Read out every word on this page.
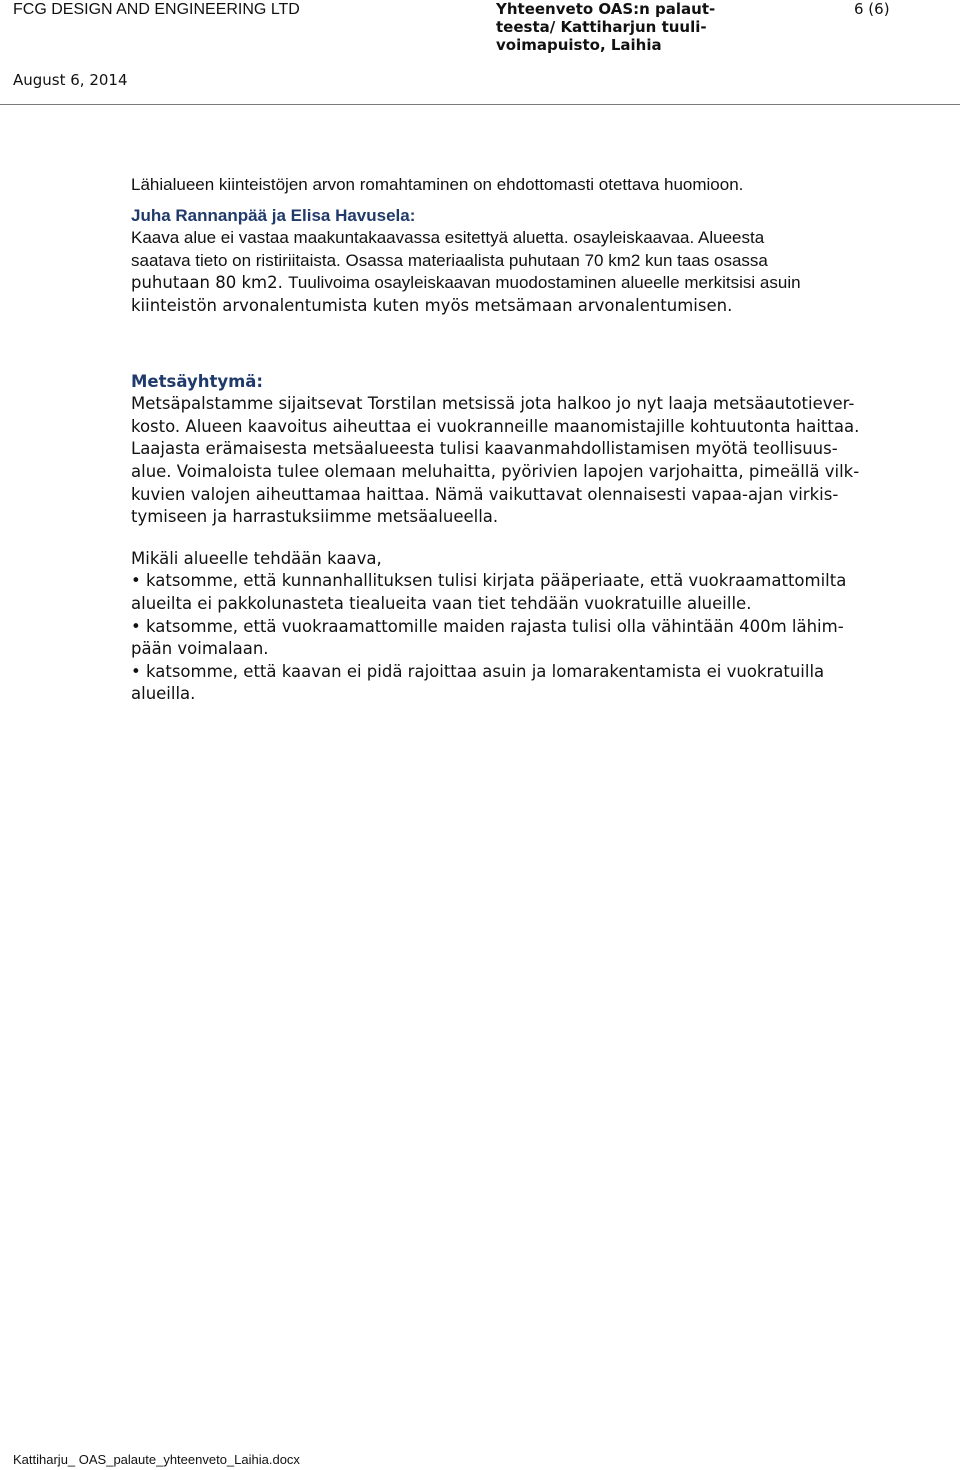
FCG DESIGN AND ENGINEERING LTD	Yhteenveto OAS:n palaut-
teesta/ Kattiharjun tuuli-
voimapuisto, Laihia
6 (6)
August 6, 2014
Lähialueen kiinteistöjen arvon romahtaminen on ehdottomasti otettava huomioon.
Juha Rannanpää ja Elisa Havusela:
Kaava alue ei vastaa maakuntakaavassa esitettyä aluetta. osayleiskaavaa. Alueesta
saatava tieto on ristiriitaista. Osassa materiaalista puhutaan 70 km2 kun taas osassa
puhutaan 80 km2. Tuulivoima osayleiskaavan muodostaminen alueelle merkitsisi asuin
kiinteistön arvonalentumista kuten myös metsämaan arvonalentumisen.
Metsäyhtymä:
Metsäpalstamme sijaitsevat Torstilan metsissä jota halkoo jo nyt laaja metsäautotiever-
kosto. Alueen kaavoitus aiheuttaa ei vuokranneille maanomistajille kohtuutonta haittaa.
Laajasta erämaisesta metsäalueesta tulisi kaavanmahdollistamisen myötä teollisuus-
alue. Voimaloista tulee olemaan meluhaitta, pyörivien lapojen varjohaitta, pimeällä vilk-
kuvien valojen aiheuttamaa haittaa. Nämä vaikuttavat olennaisesti vapaa-ajan virkis-
tymiseen ja harrastuksiimme metsäalueella.
Mikäli alueelle tehdään kaava,
• katsomme, että kunnanhallituksen tulisi kirjata pääperiaate, että vuokraamattomilta
alueilta ei pakkolunasteta tiealueita vaan tiet tehdään vuokratuille alueille.
• katsomme, että vuokraamattomille maiden rajasta tulisi olla vähintään 400m lähim-
pään voimalaan.
• katsomme, että kaavan ei pidä rajoittaa asuin ja lomarakentamista ei vuokratuilla
alueilla.
Kattiharju_ OAS_palaute_yhteenveto_Laihia.docx
